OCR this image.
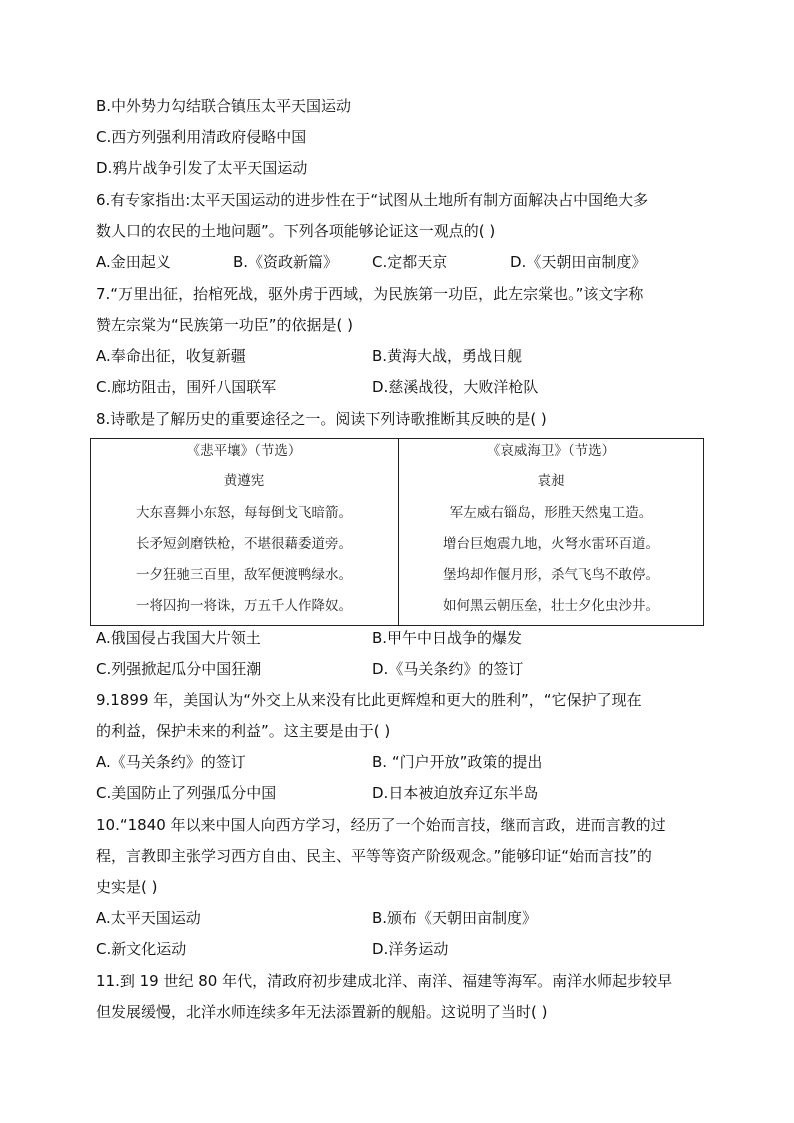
B.中外势力勾结联合镇压太平天国运动
C.西方列强利用清政府侵略中国
D.鸦片战争引发了太平天国运动
6.有专家指出:太平天国运动的进步性在于“试图从土地所有制方面解决占中国绝大多
数人口的农民的土地问题”。下列各项能够论证这一观点的( )
A.金田起义	B.《资政新篇》 C.定都天京	D.《天朝田亩制度》
7.“万里出征，抬棺死战，驱外虏于西域，为民族第一功臣，此左宗棠也。”该文字称
赞左宗棠为“民族第一功臣”的依据是( )
A.奉命出征，收复新疆	B.黄海大战，勇战日舰
C.廊坊阻击，围歼八国联军	D.慈溪战役，大败洋枪队
8.诗歌是了解历史的重要途径之一。阅读下列诗歌推断其反映的是( )
《悲平壤》（节选）
黄遵宪
大东喜舞小东怒，每每倒戈飞暗箭。
长矛短剑磨铁枪，不堪很藉委道旁。
一夕狂驰三百里，敌军便渡鸭绿水。
一将囚拘一将诛，万五千人作降奴。
《哀威海卫》（节选）
袁昶
军左威右锱岛，形胜天然鬼工造。
增台巨炮震九地，火弩水雷环百道。
堡坞却作偃月形，杀气飞鸟不敢停。
如何黑云朝压垒，壮士夕化虫沙井。
A.俄国侵占我国大片领土	B.甲午中日战争的爆发
C.列强掀起瓜分中国狂潮	D.《马关条约》的签订
9.1899 年，美国认为“外交上从来没有比此更辉煌和更大的胜利”，“它保护了现在
的利益，保护未来的利益”。这主要是由于( )
A.《马关条约》的签订	B. “门户开放”政策的提出
C.美国防止了列强瓜分中国	D.日本被迫放弃辽东半岛
10.“1840 年以来中国人向西方学习，经历了一个始而言技，继而言政，进而言教的过
程，言教即主张学习西方自由、民主、平等等资产阶级观念。”能够印证“始而言技”的
史实是( )
A.太平天国运动	B.颁布《天朝田亩制度》
C.新文化运动	D.洋务运动
11.到 19 世纪 80 年代，清政府初步建成北洋、南洋、福建等海军。南洋水师起步较早
但发展缓慢，北洋水师连续多年无法添置新的舰船。这说明了当时( )
